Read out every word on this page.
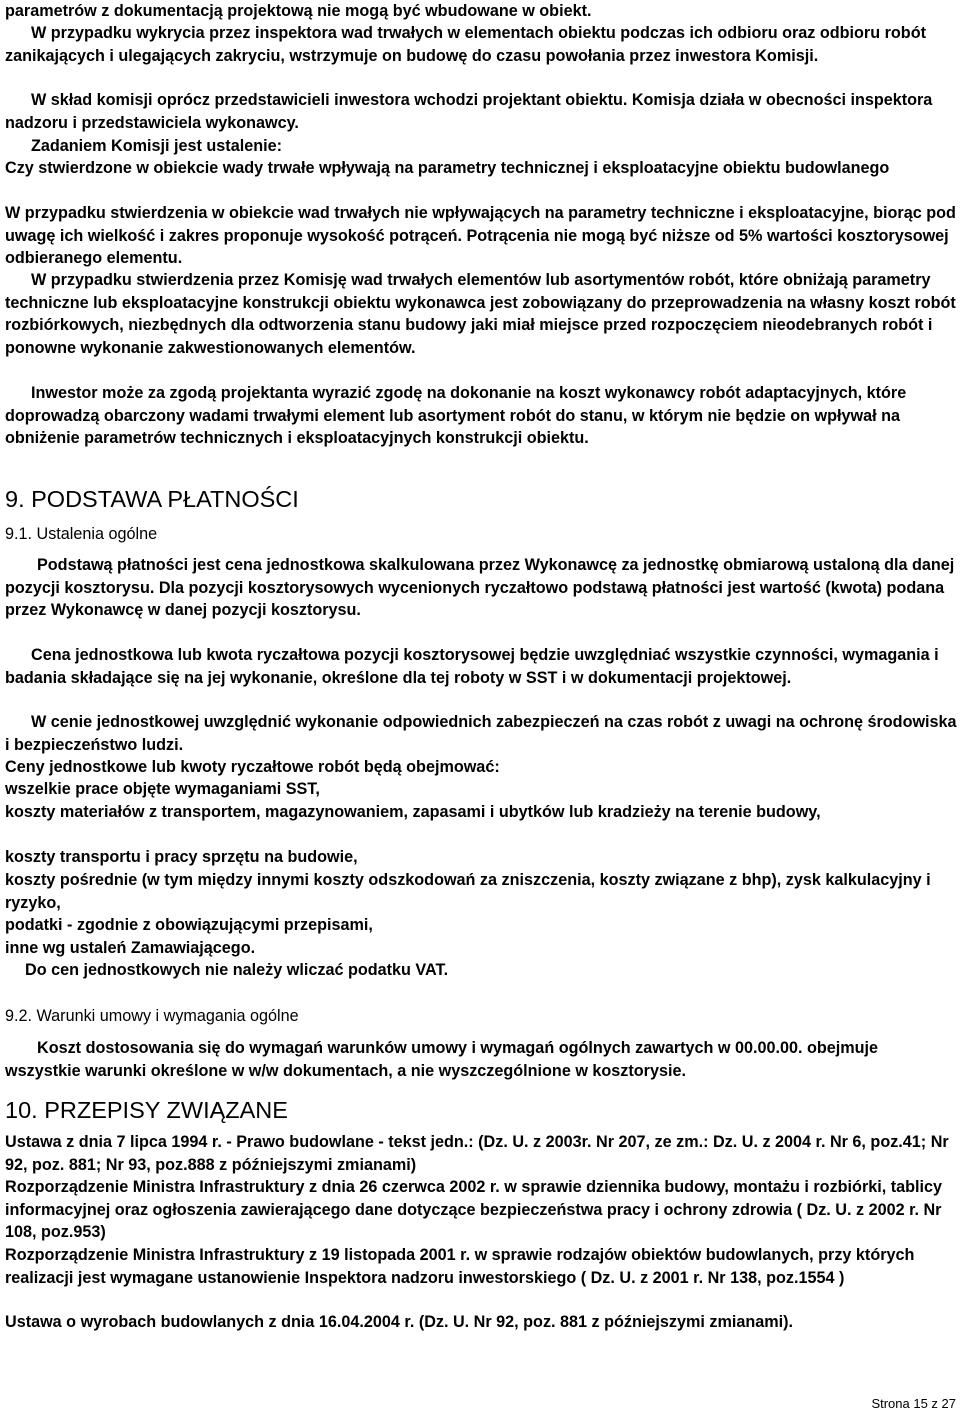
parametrów z dokumentacją projektową nie mogą być wbudowane w obiekt.

W przypadku wykrycia przez inspektora wad trwałych w elementach obiektu podczas ich odbioru oraz odbioru robót zanikających i ulegających zakryciu, wstrzymuje on budowę do czasu powołania przez inwestora Komisji.

W skład komisji oprócz przedstawicieli inwestora wchodzi projektant obiektu. Komisja działa w obecności inspektora nadzoru i przedstawiciela wykonawcy.

Zadaniem Komisji jest ustalenie:

Czy stwierdzone w obiekcie wady trwałe wpływają na parametry technicznej i eksploatacyjne obiektu budowlanego

W przypadku stwierdzenia w obiekcie wad trwałych nie wpływających na parametry techniczne i eksploatacyjne, biorąc pod uwagę ich wielkość i zakres proponuje wysokość potrąceń. Potrącenia nie mogą być niższe od 5% wartości kosztorysowej odbieranego elementu.

W przypadku stwierdzenia przez Komisję wad trwałych elementów lub asortymentów robót, które obniżają parametry techniczne lub eksploatacyjne konstrukcji obiektu wykonawca jest zobowiązany do przeprowadzenia na własny koszt robót rozbiórkowych, niezbędnych dla odtworzenia stanu budowy jaki miał miejsce przed rozpoczęciem nieodebranych robót i ponowne wykonanie zakwestionowanych elementów.

Inwestor może za zgodą projektanta wyrazić zgodę na dokonanie na koszt wykonawcy robót adaptacyjnych, które doprowadzą obarczony wadami trwałymi element lub asortyment robót do stanu, w którym nie będzie on wpływał na obniżenie parametrów technicznych i eksploatacyjnych konstrukcji obiektu.

9. PODSTAWA PŁATNOŚCI
9.1. Ustalenia ogólne

Podstawą płatności jest cena jednostkowa skalkulowana przez Wykonawcę za jednostkę obmiarową ustaloną dla danej pozycji kosztorysu. Dla pozycji kosztorysowych wycenionych ryczałtowo podstawą płatności jest wartość (kwota) podana przez Wykonawcę w danej pozycji kosztorysu.

Cena jednostkowa lub kwota ryczałtowa pozycji kosztorysowej będzie uwzględniać wszystkie czynności, wymagania i badania składające się na jej wykonanie, określone dla tej roboty w SST i w dokumentacji projektowej.

W cenie jednostkowej uwzględnić wykonanie odpowiednich zabezpieczeń na czas robót z uwagi na ochronę środowiska i bezpieczeństwo ludzi.

Ceny jednostkowe lub kwoty ryczałtowe robót będą obejmować:

wszelkie prace objęte wymaganiami SST,

koszty materiałów z transportem, magazynowaniem, zapasami i ubytków lub kradzieży na terenie budowy,

koszty transportu i pracy sprzętu na budowie,

koszty pośrednie (w tym między innymi koszty odszkodowań za zniszczenia, koszty związane z bhp), zysk kalkulacyjny i ryzyko,

podatki - zgodnie z obowiązującymi przepisami,

inne wg ustaleń Zamawiającego.

Do cen jednostkowych nie należy wliczać podatku VAT.

9.2. Warunki umowy i wymagania ogólne

Koszt dostosowania się do wymagań warunków umowy i wymagań ogólnych zawartych w 00.00.00. obejmuje wszystkie warunki określone w w/w dokumentach, a nie wyszczególnione w kosztorysie.

10. PRZEPISY ZWIĄZANE

Ustawa z dnia 7 lipca 1994 r. - Prawo budowlane - tekst jedn.: (Dz. U. z 2003r. Nr 207, ze zm.: Dz. U. z 2004 r. Nr 6, poz.41; Nr 92, poz. 881; Nr 93, poz.888 z późniejszymi zmianami)

Rozporządzenie Ministra Infrastruktury z dnia 26 czerwca 2002 r. w sprawie dziennika budowy, montażu i rozbiórki, tablicy informacyjnej oraz ogłoszenia zawierającego dane dotyczące bezpieczeństwa pracy i ochrony zdrowia ( Dz. U. z 2002 r. Nr 108, poz.953)

Rozporządzenie Ministra Infrastruktury z 19 listopada 2001 r. w sprawie rodzajów obiektów budowlanych, przy których realizacji jest wymagane ustanowienie Inspektora nadzoru inwestorskiego ( Dz. U. z 2001 r. Nr 138, poz.1554 )

Ustawa o wyrobach budowlanych z dnia 16.04.2004 r. (Dz. U. Nr 92, poz. 881 z późniejszymi zmianami).

Strona 15 z 27
